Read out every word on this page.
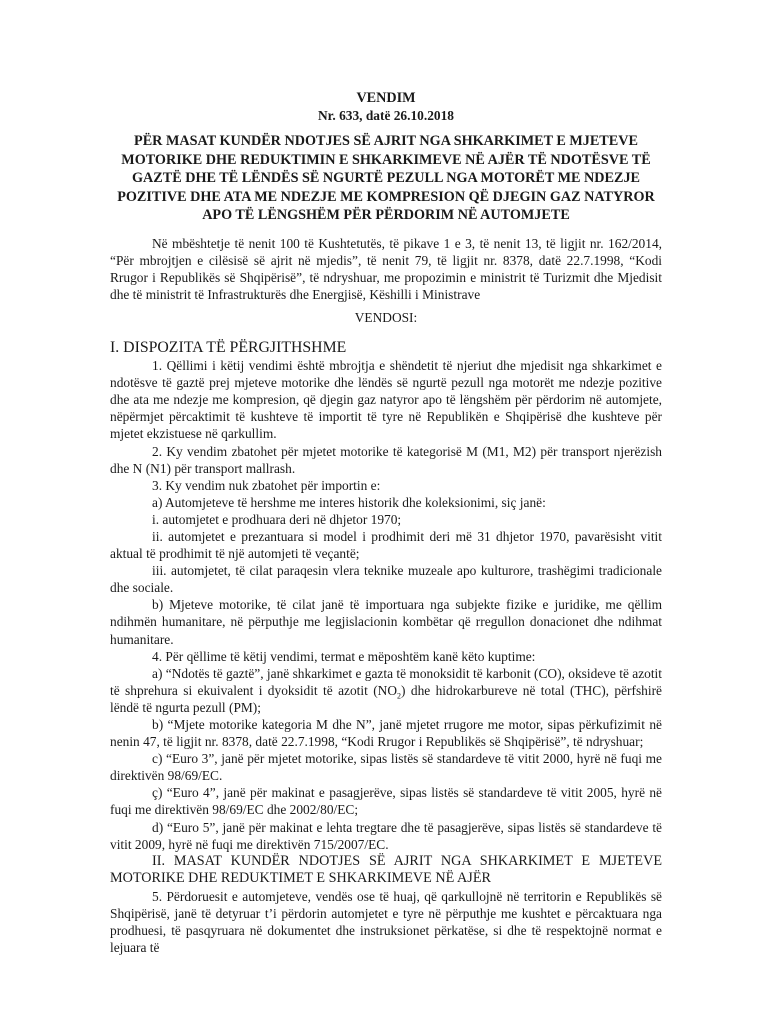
VENDIM

Nr. 633, datë 26.10.2018

PËR MASAT KUNDËR NDOTJES SË AJRIT NGA SHKARKIMET E MJETEVE
MOTORIKE DHE REDUKTIMIN E SHKARKIMEVE NË AJËR TË NDOTËSVE TË
GAZTË DHE TË LËNDËS SË NGURTË PEZULL NGA MOTORËT ME NDEZJE
POZITIVE DHE ATA ME NDEZJE ME KOMPRESION QË DJEGIN GAZ NATYROR
APO TË LËNGSHËM PËR PËRDORIM NË AUTOMJETE

Në mbështetje të nenit 100 të Kushtetutës, të pikave 1 e 3, të nenit 13, të ligjit nr. 162/2014, “Për mbrojtjen e cilësisë së ajrit në mjedis”, të nenit 79, të ligjit nr. 8378, datë 22.7.1998, “Kodi Rrugor i Republikës së Shqipërisë”, të ndryshuar, me propozimin e ministrit të Turizmit dhe Mjedisit dhe të ministrit të Infrastrukturës dhe Energjisë, Këshilli i Ministrave

VENDOSI:

I. DISPOZITA TË PËRGJITHSHME

1. Qëllimi i këtij vendimi është mbrojtja e shëndetit të njeriut dhe mjedisit nga shkarkimet e ndotësve të gaztë prej mjeteve motorike dhe lëndës së ngurtë pezull nga motorët me ndezje pozitive dhe ata me ndezje me kompresion, që djegin gaz natyror apo të lëngshëm për përdorim në automjete, nëpërmjet përcaktimit të kushteve të importit të tyre në Republikën e Shqipërisë dhe kushteve për mjetet ekzistuese në qarkullim.

2. Ky vendim zbatohet për mjetet motorike të kategorisë M (M1, M2) për transport njerëzish dhe N (N1) për transport mallrash.

3. Ky vendim nuk zbatohet për importin e:

a) Automjeteve të hershme me interes historik dhe koleksionimi, siç janë:

i. automjetet e prodhuara deri në dhjetor 1970;

ii. automjetet e prezantuara si model i prodhimit deri më 31 dhjetor 1970, pavarësisht vitit aktual të prodhimit të një automjeti të veçantë;

iii. automjetet, të cilat paraqesin vlera teknike muzeale apo kulturore, trashëgimi tradicionale dhe sociale.

b) Mjeteve motorike, të cilat janë të importuara nga subjekte fizike e juridike, me qëllim ndihmën humanitare, në përputhje me legjislacionin kombëtar që rregullon donacionet dhe ndihmat humanitare.

4. Për qëllime të këtij vendimi, termat e mëposhtëm kanë këto kuptime:

a) “Ndotës të gaztë”, janë shkarkimet e gazta të monoksidit të karbonit (CO), oksideve të azotit të shprehura si ekuivalent i dyoksidit të azotit $(NO_2)$ dhe hidrokarbureve në total (THC), përfshirë lëndë të ngurta pezull (PM);

b) “Mjete motorike kategoria M dhe N”, janë mjetet rrugore me motor, sipas përkufizimit në nenin 47, të ligjit nr. 8378, datë 22.7.1998, “Kodi Rrugor i Republikës së Shqipërisë”, të ndryshuar;

c) “Euro 3”, janë për mjetet motorike, sipas listës së standardeve të vitit 2000, hyrë në fuqi me direktivën 98/69/EC.

ç) “Euro 4”, janë për makinat e pasagjerëve, sipas listës së standardeve të vitit 2005, hyrë në fuqi me direktivën 98/69/EC dhe 2002/80/EC;

d) “Euro 5”, janë për makinat e lehta tregtare dhe të pasagjerëve, sipas listës së standardeve të vitit 2009, hyrë në fuqi me direktivën 715/2007/EC.

II. MASAT KUNDËR NDOTJES SË AJRIT NGA SHKARKIMET E MJETEVE MOTORIKE DHE REDUKTIMET E SHKARKIMEVE NË AJËR

5. Përdoruesit e automjeteve, vendës ose të huaj, që qarkullojnë në territorin e Republikës së Shqipërisë, janë të detyruar t’i përdorin automjetet e tyre në përputhje me kushtet e përcaktuara nga prodhuesi, të pasqyruara në dokumentet dhe instruksionet përkatëse, si dhe të respektojnë normat e lejuara të
